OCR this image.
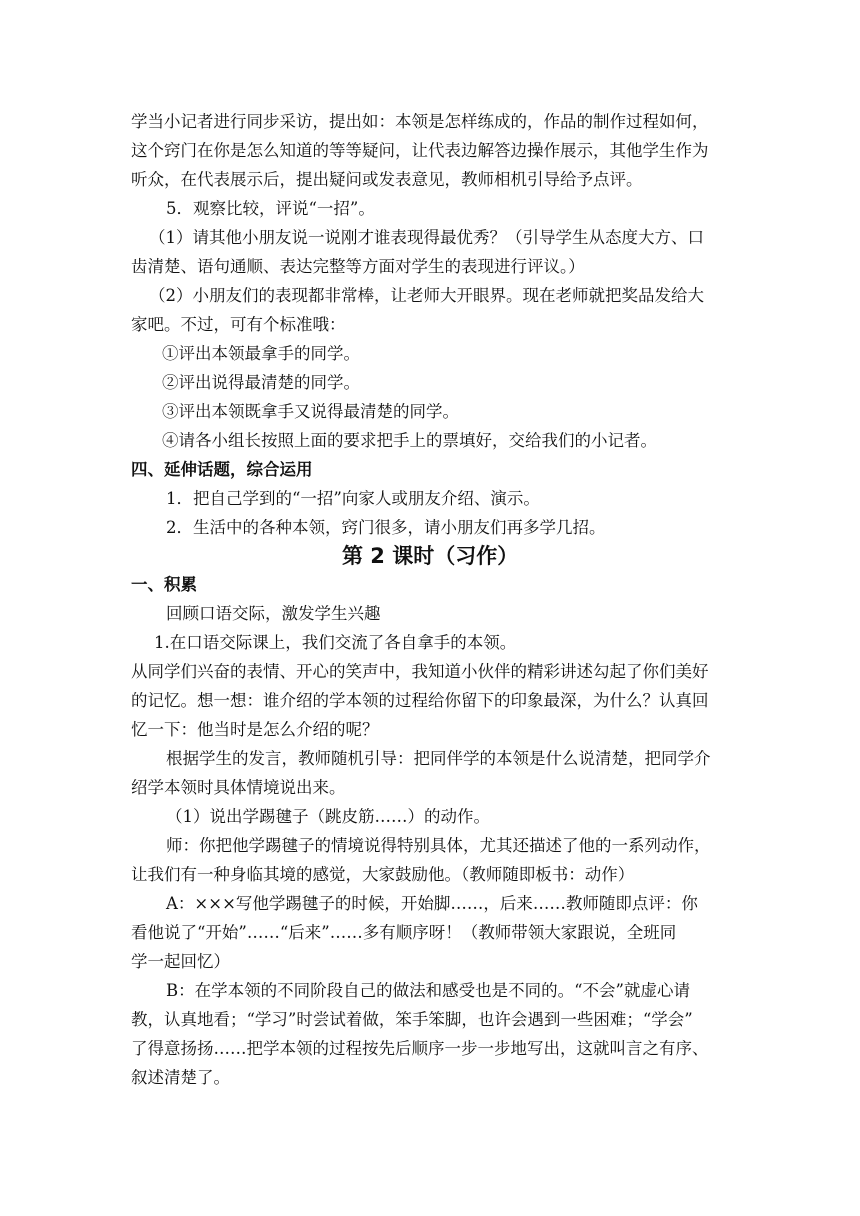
学当小记者进行同步采访，提出如：本领是怎样练成的，作品的制作过程如何，
这个窍门在你是怎么知道的等等疑问，让代表边解答边操作展示，其他学生作为
听众，在代表展示后，提出疑问或发表意见，教师相机引导给予点评。
5．观察比较，评说“一招”。
（1）请其他小朋友说一说刚才谁表现得最优秀？（引导学生从态度大方、口
齿清楚、语句通顺、表达完整等方面对学生的表现进行评议。）
（2）小朋友们的表现都非常棒，让老师大开眼界。现在老师就把奖品发给大
家吧。不过，可有个标准哦：
①评出本领最拿手的同学。
②评出说得最清楚的同学。
③评出本领既拿手又说得最清楚的同学。
④请各小组长按照上面的要求把手上的票填好，交给我们的小记者。
四、延伸话题，综合运用
1．把自己学到的“一招”向家人或朋友介绍、演示。
2．生活中的各种本领，窍门很多，请小朋友们再多学几招。
第 2 课时（习作）
一、积累
回顾口语交际，激发学生兴趣
1.在口语交际课上，我们交流了各自拿手的本领。
从同学们兴奋的表情、开心的笑声中，我知道小伙伴的精彩讲述勾起了你们美好
的记忆。想一想：谁介绍的学本领的过程给你留下的印象最深，为什么？认真回
忆一下：他当时是怎么介绍的呢？
根据学生的发言，教师随机引导：把同伴学的本领是什么说清楚，把同学介
绍学本领时具体情境说出来。
（1）说出学踢毽子（跳皮筋……）的动作。
师：你把他学踢毽子的情境说得特别具体，尤其还描述了他的一系列动作，
让我们有一种身临其境的感觉，大家鼓励他。（教师随即板书：动作）
A：×××写他学踢毽子的时候，开始脚……，后来……教师随即点评：你
看他说了“开始”……“后来”……多有顺序呀！（教师带领大家跟说，全班同
学一起回忆）
B：在学本领的不同阶段自己的做法和感受也是不同的。“不会”就虚心请
教，认真地看；“学习”时尝试着做，笨手笨脚，也许会遇到一些困难；“学会”
了得意扬扬……把学本领的过程按先后顺序一步一步地写出，这就叫言之有序、
叙述清楚了。
